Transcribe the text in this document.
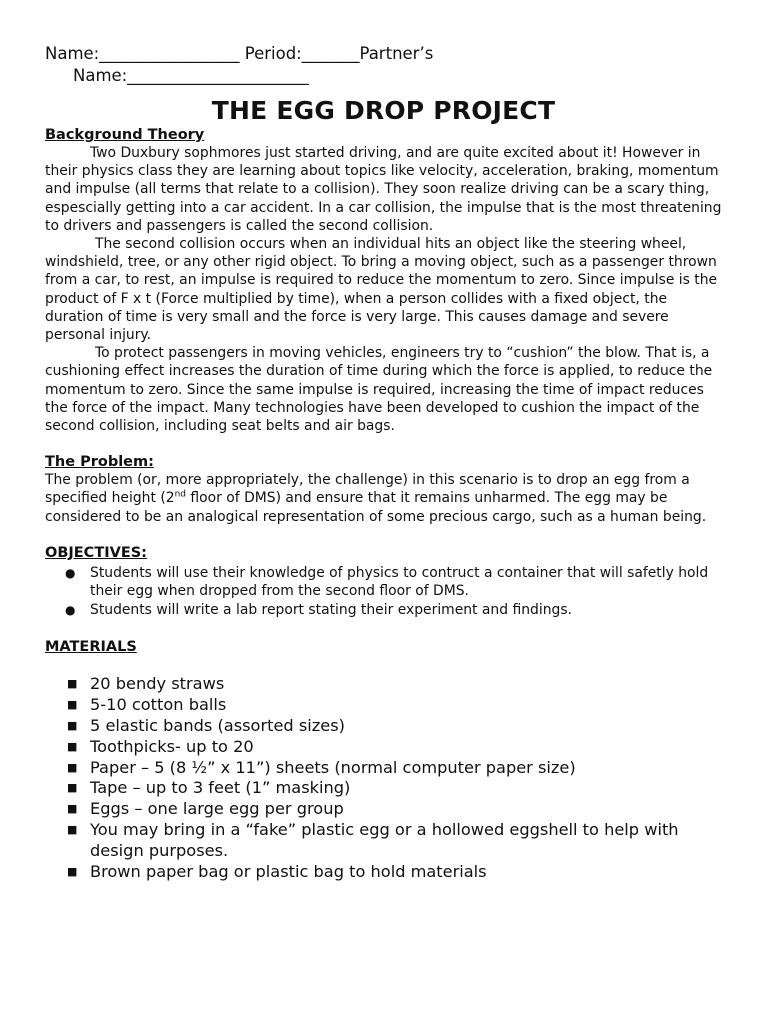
Name:_________________ Period:_______Partner’s

Name:______________________

THE EGG DROP PROJECT
Background Theory

Two Duxbury sophmores just started driving, and are quite excited about it! However in their physics class they are learning about topics like velocity, acceleration, braking, momentum and impulse (all terms that relate to a collision). They soon realize driving can be a scary thing, espescially getting into a car accident. In a car collision, the impulse that is the most threatening to drivers and passengers is called the second collision.

The second collision occurs when an individual hits an object like the steering wheel, windshield, tree, or any other rigid object. To bring a moving object, such as a passenger thrown from a car, to rest, an impulse is required to reduce the momentum to zero. Since impulse is the product of F x t (Force multiplied by time), when a person collides with a fixed object, the duration of time is very small and the force is very large. This causes damage and severe personal injury.

To protect passengers in moving vehicles, engineers try to “cushion” the blow. That is, a cushioning effect increases the duration of time during which the force is applied, to reduce the momentum to zero. Since the same impulse is required, increasing the time of impact reduces the force of the impact. Many technologies have been developed to cushion the impact of the second collision, including seat belts and air bags.

The Problem:

The problem (or, more appropriately, the challenge) in this scenario is to drop an egg from a specified height (2nd floor of DMS) and ensure that it remains unharmed. The egg may be considered to be an analogical representation of some precious cargo, such as a human being.

OBJECTIVES:
● Students will use their knowledge of physics to contruct a container that will safetly hold their egg when dropped from the second floor of DMS.
● Students will write a lab report stating their experiment and findings.
MATERIALS
■ 20 bendy straws
■ 5-10 cotton balls
■ 5 elastic bands (assorted sizes)
■ Toothpicks- up to 20
■ Paper – 5 (8 ½” x 11”) sheets (normal computer paper size)
■ Tape – up to 3 feet (1” masking)
■ Eggs – one large egg per group
■ You may bring in a “fake” plastic egg or a hollowed eggshell to help with design purposes.
■ Brown paper bag or plastic bag to hold materials
